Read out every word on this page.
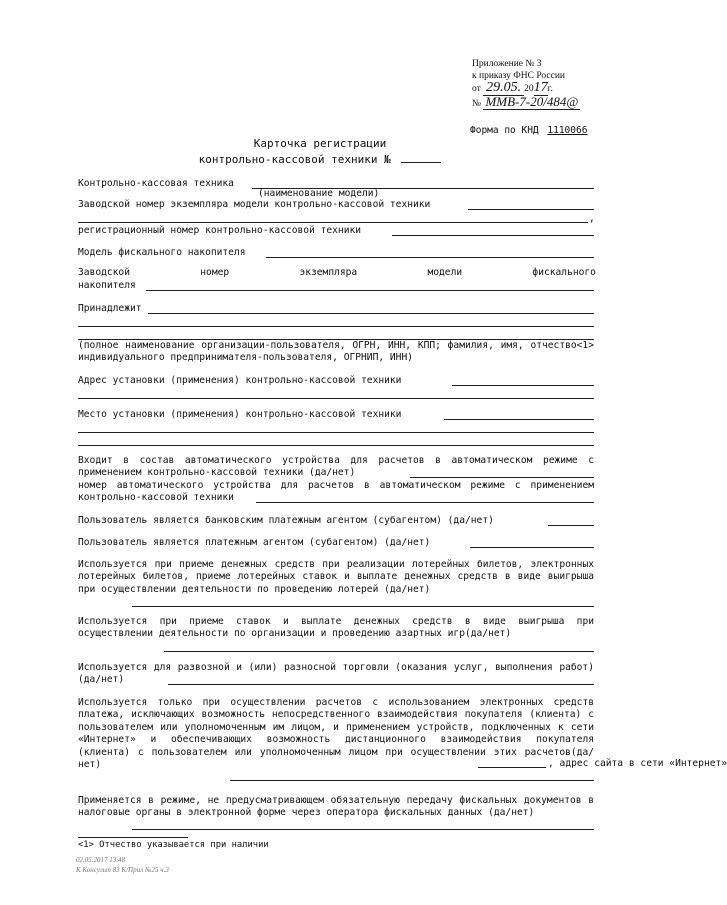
Приложение № 3
к приказу ФНС России
от 29.05. 2017г.
№ ММВ-7-20/484@
Форма по КНД 1110066
Карточка регистрации
контрольно-кассовой техники №
Контрольно-кассовая техника
(наименование модели)
Заводской номер экземпляра модели контрольно-кассовой техники
,
регистрационный номер контрольно-кассовой техники
Модель фискального накопителя
Заводской	номер	экземпляра	модели	фискального
накопителя
Принадлежит
(полное наименование организации-пользователя, ОГРН, ИНН, КПП; фамилия, имя, отчество<1> индивидуального предпринимателя-пользователя, ОГРНИП, ИНН)
Адрес установки (применения) контрольно-кассовой техники
Место установки (применения) контрольно-кассовой техники
Входит в состав автоматического устройства для расчетов в автоматическом режиме с применением контрольно-кассовой техники (да/нет)
номер автоматического устройства для расчетов в автоматическом режиме с применением контрольно-кассовой техники
Пользователь является банковским платежным агентом (субагентом) (да/нет)
Пользователь является платежным агентом (субагентом) (да/нет)
Используется при приеме денежных средств при реализации лотерейных билетов, электронных лотерейных билетов, приеме лотерейных ставок и выплате денежных средств в виде выигрыша при осуществлении деятельности по проведению лотерей (да/нет)
Используется при приеме ставок и выплате денежных средств в виде выигрыша при осуществлении деятельности по организации и проведению азартных игр(да/нет)
Используется для развозной и (или) разносной торговли (оказания услуг, выполнения работ) (да/нет)
Используется только при осуществлении расчетов с использованием электронных средств платежа, исключающих возможность непосредственного взаимодействия покупателя (клиента) с пользователем или уполномоченным им лицом, и применением устройств, подключенных к сети «Интернет» и обеспечивающих возможность дистанционного взаимодействия покупателя (клиента) с пользователем или уполномоченным лицом при осуществлении этих расчетов(да/нет)	, адрес сайта в сети «Интернет»
Применяется в режиме, не предусматривающем обязательную передачу фискальных документов в налоговые органы в электронной форме через оператора фискальных данных (да/нет)
<1> Отчество указывается при наличии
02.05.2017 13.48
К Консульт 83 К/Прил №25 ч.3
